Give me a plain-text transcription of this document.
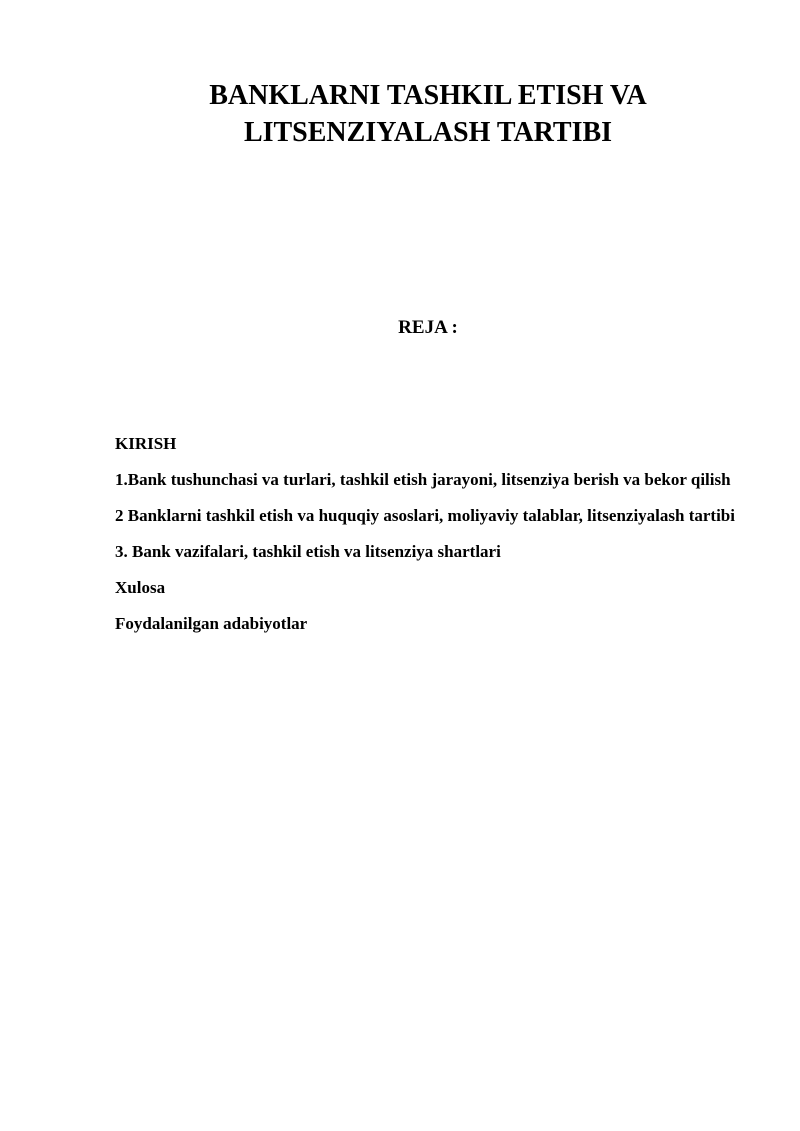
BANKLARNI TASHKIL ETISH VA
LITSENZIYALASH TARTIBI
REJA :
KIRISH
1.Bank tushunchasi va turlari, tashkil etish jarayoni, litsenziya berish va bekor qilish
2 Banklarni tashkil etish va huquqiy asoslari, moliyaviy talablar, litsenziyalash tartibi
3. Bank vazifalari, tashkil etish va litsenziya shartlari
Xulosa
Foydalanilgan adabiyotlar
